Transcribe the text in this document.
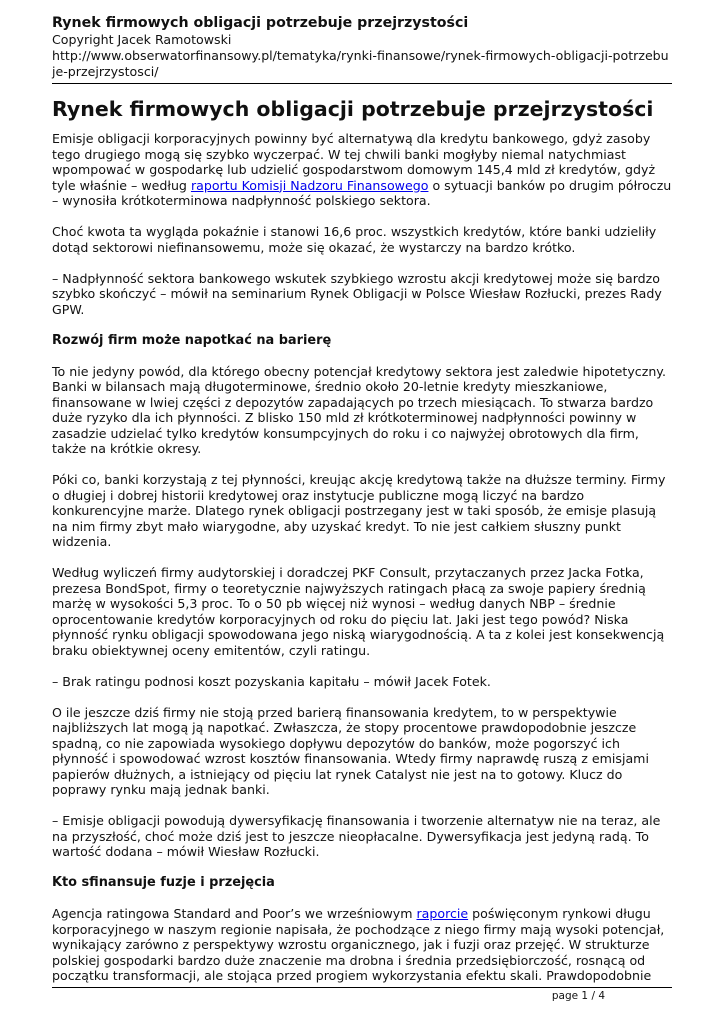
Rynek firmowych obligacji potrzebuje przejrzystości
Copyright Jacek Ramotowski
http://www.obserwatorfinansowy.pl/tematyka/rynki-finansowe/rynek-firmowych-obligacji-potrzebuje-przejrzystosci/
Rynek firmowych obligacji potrzebuje przejrzystości

Emisje obligacji korporacyjnych powinny być alternatywą dla kredytu bankowego, gdyż zasoby tego drugiego mogą się szybko wyczerpać. W tej chwili banki mogłyby niemal natychmiast wpompować w gospodarkę lub udzielić gospodarstwom domowym 145,4 mld zł kredytów, gdyż tyle właśnie – według raportu Komisji Nadzoru Finansowego o sytuacji banków po drugim półroczu – wynosiła krótkoterminowa nadpłynność polskiego sektora.

Choć kwota ta wygląda pokaźnie i stanowi 16,6 proc. wszystkich kredytów, które banki udzieliły dotąd sektorowi niefinansowemu, może się okazać, że wystarczy na bardzo krótko.

– Nadpłynność sektora bankowego wskutek szybkiego wzrostu akcji kredytowej może się bardzo szybko skończyć – mówił na seminarium Rynek Obligacji w Polsce Wiesław Rozłucki, prezes Rady GPW.

Rozwój firm może napotkać na barierę

To nie jedyny powód, dla którego obecny potencjał kredytowy sektora jest zaledwie hipotetyczny. Banki w bilansach mają długoterminowe, średnio około 20-letnie kredyty mieszkaniowe, finansowane w lwiej części z depozytów zapadających po trzech miesiącach. To stwarza bardzo duże ryzyko dla ich płynności. Z blisko 150 mld zł krótkoterminowej nadpłynności powinny w zasadzie udzielać tylko kredytów konsumpcyjnych do roku i co najwyżej obrotowych dla firm, także na krótkie okresy.

Póki co, banki korzystają z tej płynności, kreując akcję kredytową także na dłuższe terminy. Firmy o długiej i dobrej historii kredytowej oraz instytucje publiczne mogą liczyć na bardzo konkurencyjne marże. Dlatego rynek obligacji postrzegany jest w taki sposób, że emisje plasują na nim firmy zbyt mało wiarygodne, aby uzyskać kredyt. To nie jest całkiem słuszny punkt widzenia.

Według wyliczeń firmy audytorskiej i doradczej PKF Consult, przytaczanych przez Jacka Fotka, prezesa BondSpot, firmy o teoretycznie najwyższych ratingach płacą za swoje papiery średnią marżę w wysokości 5,3 proc. To o 50 pb więcej niż wynosi – według danych NBP – średnie oprocentowanie kredytów korporacyjnych od roku do pięciu lat. Jaki jest tego powód? Niska płynność rynku obligacji spowodowana jego niską wiarygodnością. A ta z kolei jest konsekwencją braku obiektywnej oceny emitentów, czyli ratingu.

– Brak ratingu podnosi koszt pozyskania kapitału – mówił Jacek Fotek.

O ile jeszcze dziś firmy nie stoją przed barierą finansowania kredytem, to w perspektywie najbliższych lat mogą ją napotkać. Zwłaszcza, że stopy procentowe prawdopodobnie jeszcze spadną, co nie zapowiada wysokiego dopływu depozytów do banków, może pogorszyć ich płynność i spowodować wzrost kosztów finansowania. Wtedy firmy naprawdę ruszą z emisjami papierów dłużnych, a istniejący od pięciu lat rynek Catalyst nie jest na to gotowy. Klucz do poprawy rynku mają jednak banki.

– Emisje obligacji powodują dywersyfikację finansowania i tworzenie alternatyw nie na teraz, ale na przyszłość, choć może dziś jest to jeszcze nieopłacalne. Dywersyfikacja jest jedyną radą. To wartość dodana – mówił Wiesław Rozłucki.

Kto sfinansuje fuzje i przejęcia

Agencja ratingowa Standard and Poor’s we wrześniowym raporcie poświęconym rynkowi długu korporacyjnego w naszym regionie napisała, że pochodzące z niego firmy mają wysoki potencjał, wynikający zarówno z perspektywy wzrostu organicznego, jak i fuzji oraz przejęć. W strukturze polskiej gospodarki bardzo duże znaczenie ma drobna i średnia przedsiębiorczość, rosnącą od początku transformacji, ale stojąca przed progiem wykorzystania efektu skali. Prawdopodobnie

page 1 / 4
